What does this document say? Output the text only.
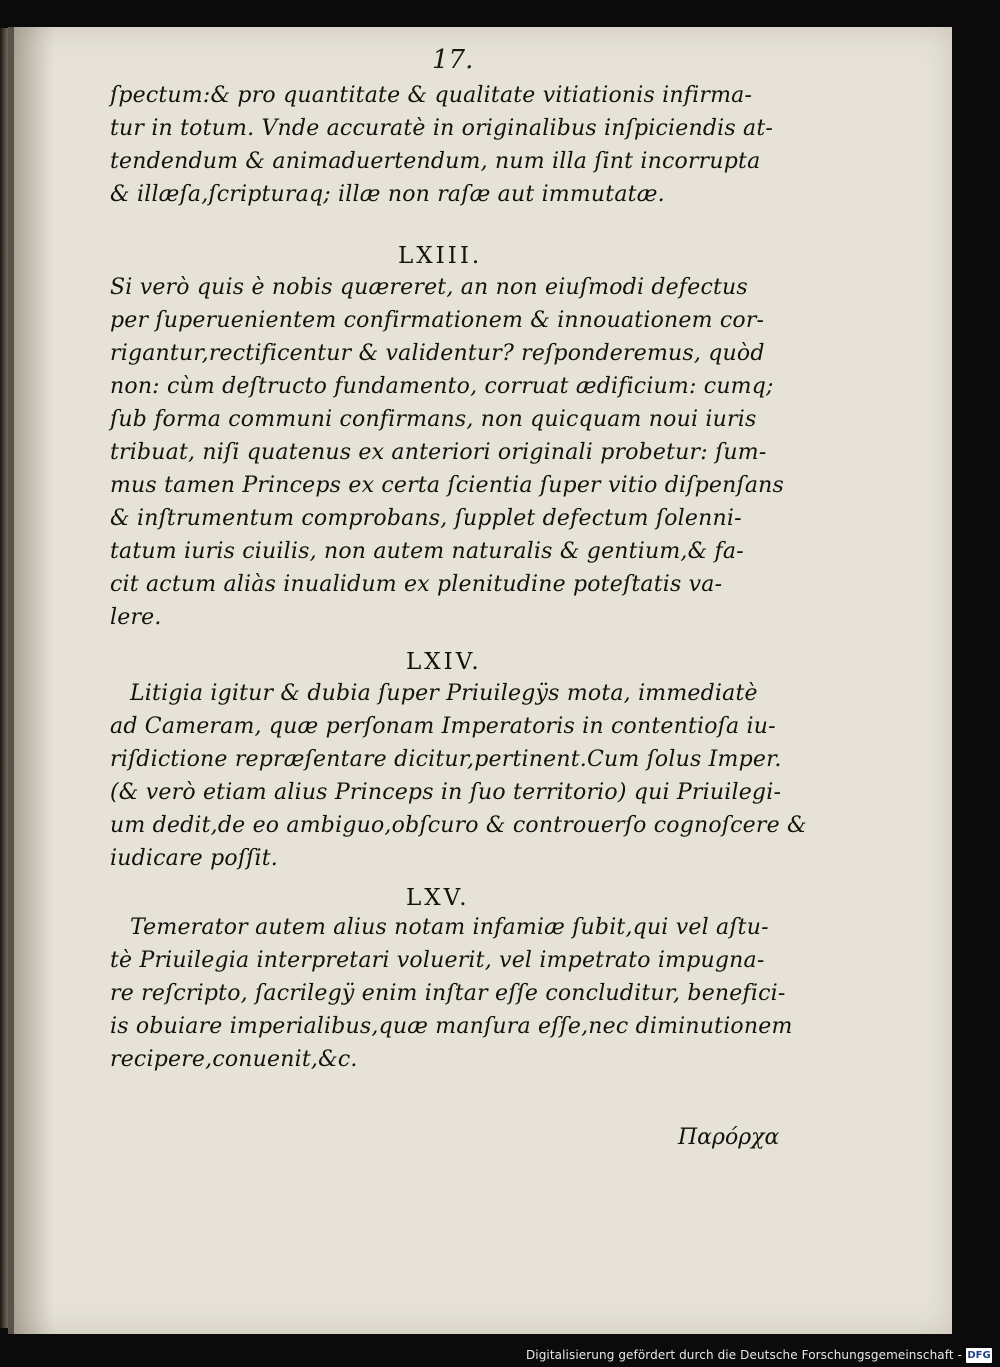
17.
ſpectum:& pro quantitate & qualitate vitiationis infirma-
tur in totum. Vnde accuratè in originalibus inſpiciendis at-
tendendum & animaduertendum, num illa ſint incorrupta
& illæſa,ſcripturaq; illæ non raſæ aut immutatæ.
LXIII.
Si verò quis è nobis quæreret, an non eiuſmodi defectus
per ſuperuenientem confirmationem & innouationem cor-
rigantur,rectificentur & validentur? reſponderemus, quòd
non: cùm deſtructo fundamento, corruat ædificium: cumq;
ſub forma communi confirmans, non quicquam noui iuris
tribuat, niſi quatenus ex anteriori originali probetur: ſum-
mus tamen Princeps ex certa ſcientia ſuper vitio diſpenſans
& inſtrumentum comprobans, ſupplet defectum ſolenni-
tatum iuris ciuilis, non autem naturalis & gentium,& fa-
cit actum aliàs inualidum ex plenitudine poteſtatis va-
lere.
LXIV.
Litigia igitur & dubia ſuper Priuilegÿs mota, immediatè
ad Cameram, quæ perſonam Imperatoris in contentioſa iu-
riſdictione repræſentare dicitur,pertinent.Cum ſolus Imper.
(& verò etiam alius Princeps in ſuo territorio) qui Priuilegi-
um dedit,de eo ambiguo,obſcuro & controuerſo cognoſcere &
iudicare poſſit.
LXV.
Temerator autem alius notam infamiæ ſubit,qui vel aſtu-
tè Priuilegia interpretari voluerit, vel impetrato impugna-
re reſcripto, ſacrilegÿ enim inſtar eſſe concluditur, benefici-
is obuiare imperialibus,quæ manſura eſſe,nec diminutionem
recipere,conuenit,&c.
Παρόρχα
Digitalisierung gefördert durch die Deutsche Forschungsgemeinschaft - DFG
